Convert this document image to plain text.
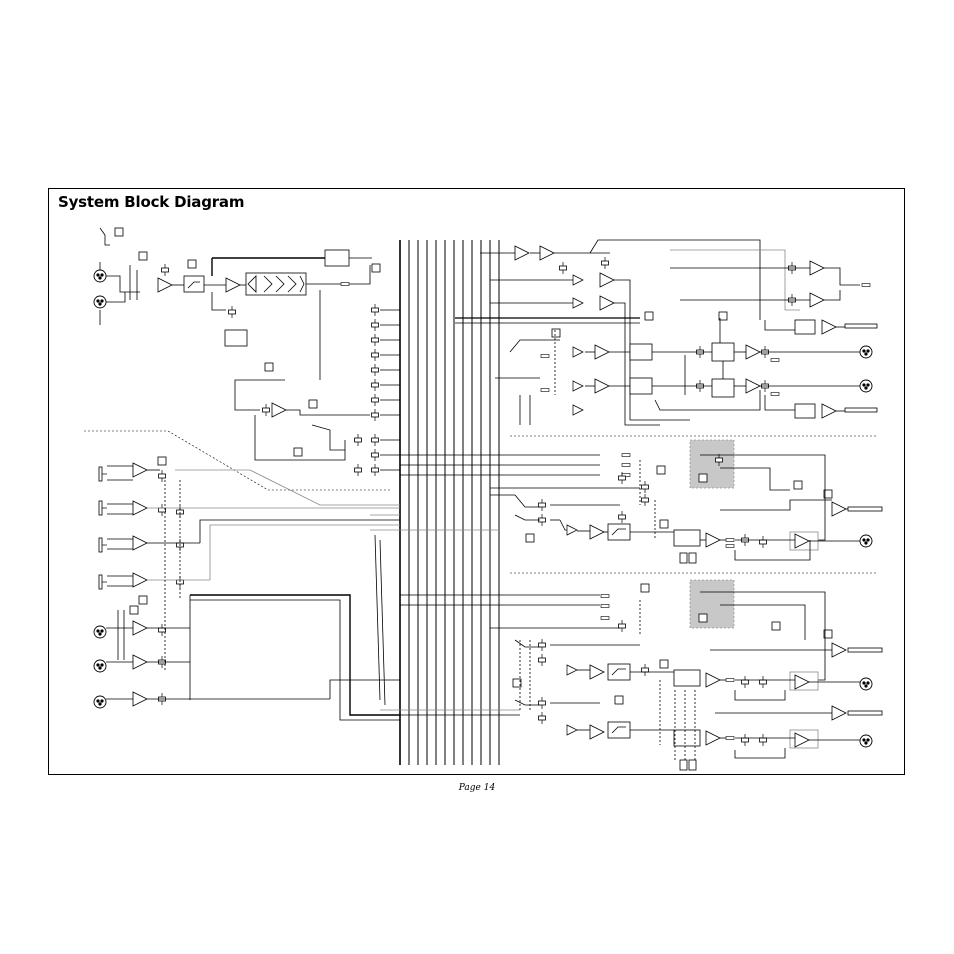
System Block Diagram
Page 14
